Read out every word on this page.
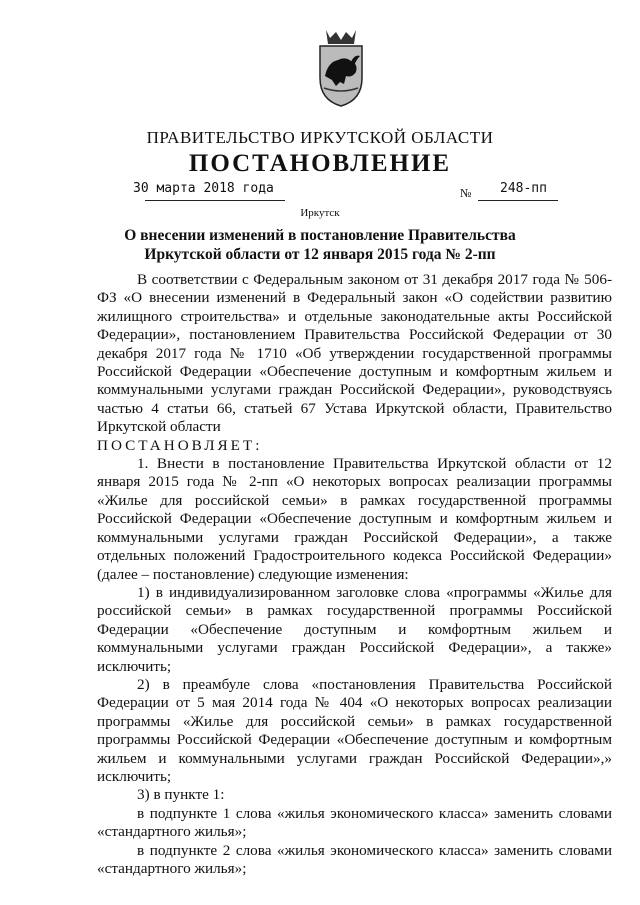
ПРАВИТЕЛЬСТВО ИРКУТСКОЙ ОБЛАСТИ
ПОСТАНОВЛЕНИЕ
30 марта 2018 года	№ 248-пп
Иркутск
О внесении изменений в постановление Правительства
Иркутской области от 12 января 2015 года № 2-пп

В соответствии с Федеральным законом от 31 декабря 2017 года № 506-ФЗ «О внесении изменений в Федеральный закон «О содействии развитию жилищного строительства» и отдельные законодательные акты Российской Федерации», постановлением Правительства Российской Федерации от 30 декабря 2017 года № 1710 «Об утверждении государственной программы Российской Федерации «Обеспечение доступным и комфортным жильем и коммунальными услугами граждан Российской Федерации», руководствуясь частью 4 статьи 66, статьей 67 Устава Иркутской области, Правительство Иркутской области

ПОСТАНОВЛЯЕТ:

1. Внести в постановление Правительства Иркутской области от 12 января 2015 года № 2-пп «О некоторых вопросах реализации программы «Жилье для российской семьи» в рамках государственной программы Российской Федерации «Обеспечение доступным и комфортным жильем и коммунальными услугами граждан Российской Федерации», а также отдельных положений Градостроительного кодекса Российской Федерации» (далее – постановление) следующие изменения:

1) в индивидуализированном заголовке слова «программы «Жилье для российской семьи» в рамках государственной программы Российской Федерации «Обеспечение доступным и комфортным жильем и коммунальными услугами граждан Российской Федерации», а также» исключить;

2) в преамбуле слова «постановления Правительства Российской Федерации от 5 мая 2014 года № 404 «О некоторых вопросах реализации программы «Жилье для российской семьи» в рамках государственной программы Российской Федерации «Обеспечение доступным и комфортным жильем и коммунальными услугами граждан Российской Федерации»,» исключить;

3) в пункте 1:

в подпункте 1 слова «жилья экономического класса» заменить словами «стандартного жилья»;

в подпункте 2 слова «жилья экономического класса» заменить словами «стандартного жилья»;
